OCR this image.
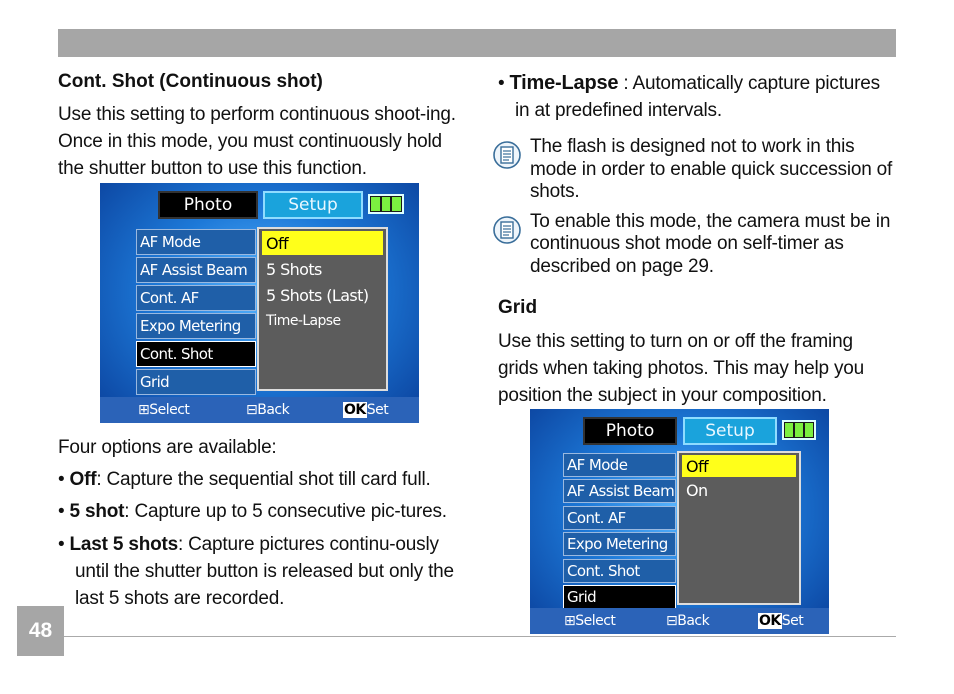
Cont. Shot (Continuous shot)

Use this setting to perform continuous shoot-ing. Once in this mode, you must continuously hold the shutter button to use this function.

Four options are available:

• Off: Capture the sequential shot till card full.

• 5 shot: Capture up to 5 consecutive pic-tures.

• Last 5 shots: Capture pictures continu-ously until the shutter button is released but only the last 5 shots are recorded.

Photo	Setup
AF Mode
AF Assist Beam
Cont. AF
Expo Metering
Cont. Shot
Grid
Off
5 Shots
5 Shots (Last)
Time-Lapse
⊞Select	⊟Back	OKSet

• Time-Lapse : Automatically capture pictures in at predefined intervals.

The flash is designed not to work in this mode in order to enable quick succession of shots.
To enable this mode, the camera must be in continuous shot mode on self-timer as described on page 29.
Grid

Use this setting to turn on or off the framing grids when taking photos. This may help you position the subject in your composition.

Photo	Setup
AF Mode
AF Assist Beam
Cont. AF
Expo Metering
Cont. Shot
Grid
Off
On
⊞Select	⊟Back	OKSet
48
